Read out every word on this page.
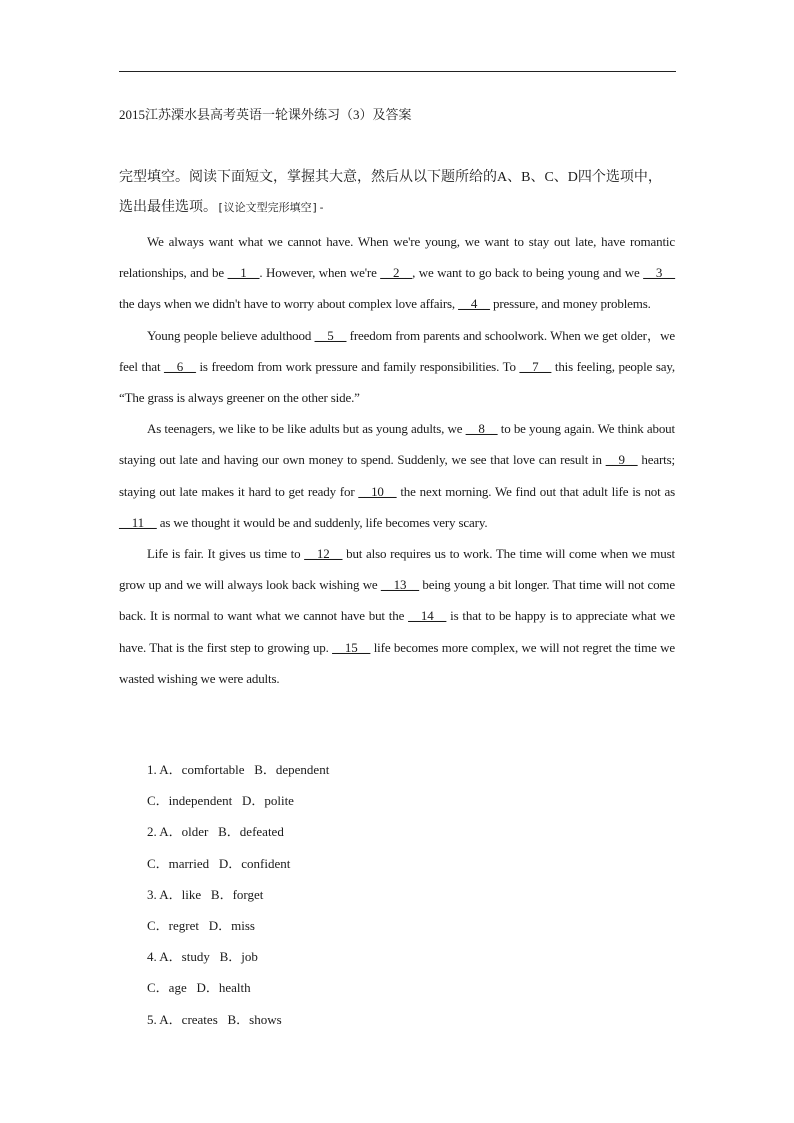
2015江苏溧水县高考英语一轮课外练习（3）及答案
完型填空。阅读下面短文，掌握其大意，然后从以下题所给的A、B、C、D四个选项中，选出最佳选项。[议论文型完形填空]-

We always want what we cannot have. When we're young, we want to stay out late, have romantic relationships, and be __1__. However, when we're __2__, we want to go back to being young and we __3__ the days when we didn't have to worry about complex love affairs, __4__ pressure, and money problems.

Young people believe adulthood __5__ freedom from parents and schoolwork. When we get older，we feel that __6__ is freedom from work pressure and family responsibilities. To __7__ this feeling, people say, “The grass is always greener on the other side.”

As teenagers, we like to be like adults but as young adults, we __8__ to be young again. We think about staying out late and having our own money to spend. Suddenly, we see that love can result in __9__ hearts; staying out late makes it hard to get ready for __10__ the next morning. We find out that adult life is not as __11__ as we thought it would be and suddenly, life becomes very scary.

Life is fair. It gives us time to __12__ but also requires us to work. The time will come when we must grow up and we will always look back wishing we __13__ being young a bit longer. That time will not come back. It is normal to want what we cannot have but the __14__ is that to be happy is to appreciate what we have. That is the first step to growing up. __15__ life becomes more complex, we will not regret the time we wasted wishing we were adults.

1. A．comfortable   B．dependent
C．independent   D．polite
2. A．older   B．defeated
C．married   D．confident
3. A．like   B．forget
C．regret   D．miss
4. A．study   B．job
C．age   D．health
5. A．creates   B．shows
